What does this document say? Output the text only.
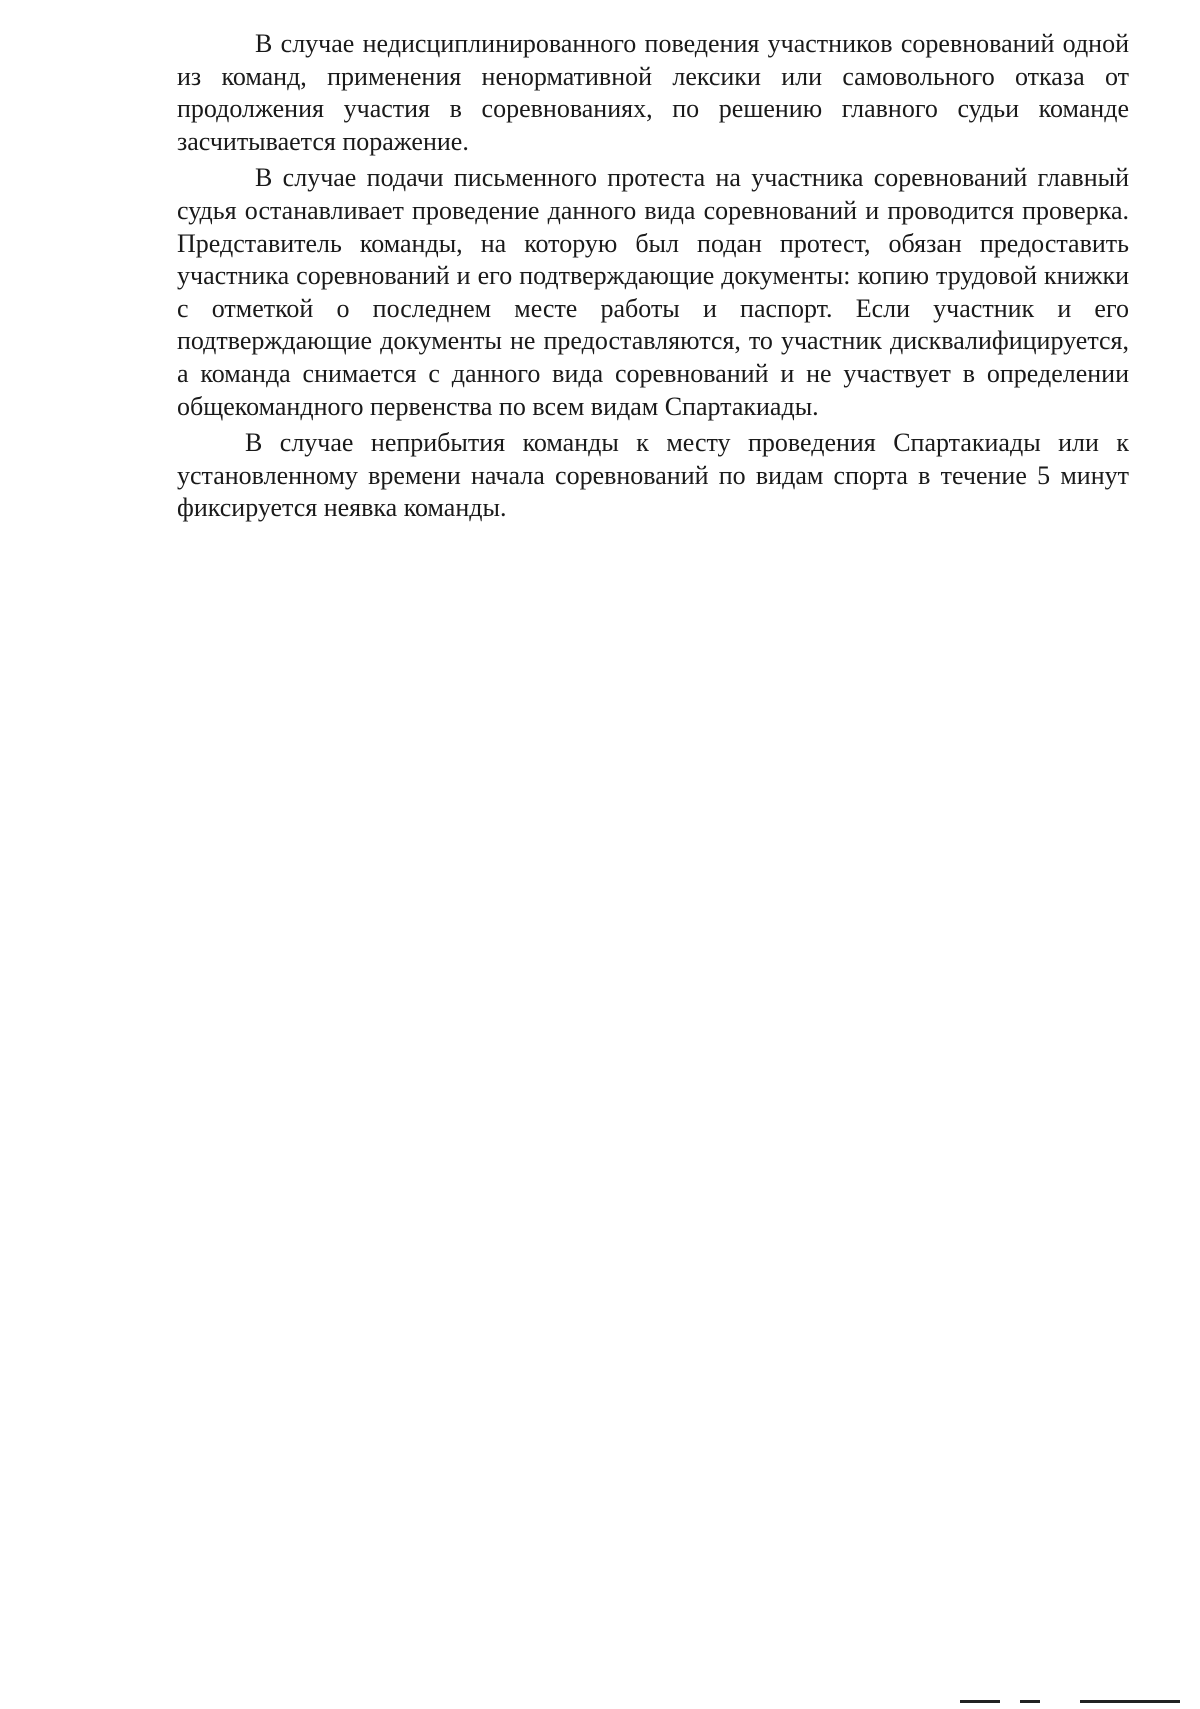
В случае недисциплинированного поведения участников соревнований одной из команд, применения ненормативной лексики или самовольного отказа от продолжения участия в соревнованиях, по решению главного судьи команде засчитывается поражение.

В случае подачи письменного протеста на участника соревнований главный судья останавливает проведение данного вида соревнований и проводится проверка. Представитель команды, на которую был подан протест, обязан предоставить участника соревнований и его подтверждающие документы: копию трудовой книжки с отметкой о последнем месте работы и паспорт. Если участник и его подтверждающие документы не предоставляются, то участник дисквалифицируется, а команда снимается с данного вида соревнований и не участвует в определении общекомандного первенства по всем видам Спартакиады.

В случае неприбытия команды к месту проведения Спартакиады или к установленному времени начала соревнований по видам спорта в течение 5 минут фиксируется неявка команды.
